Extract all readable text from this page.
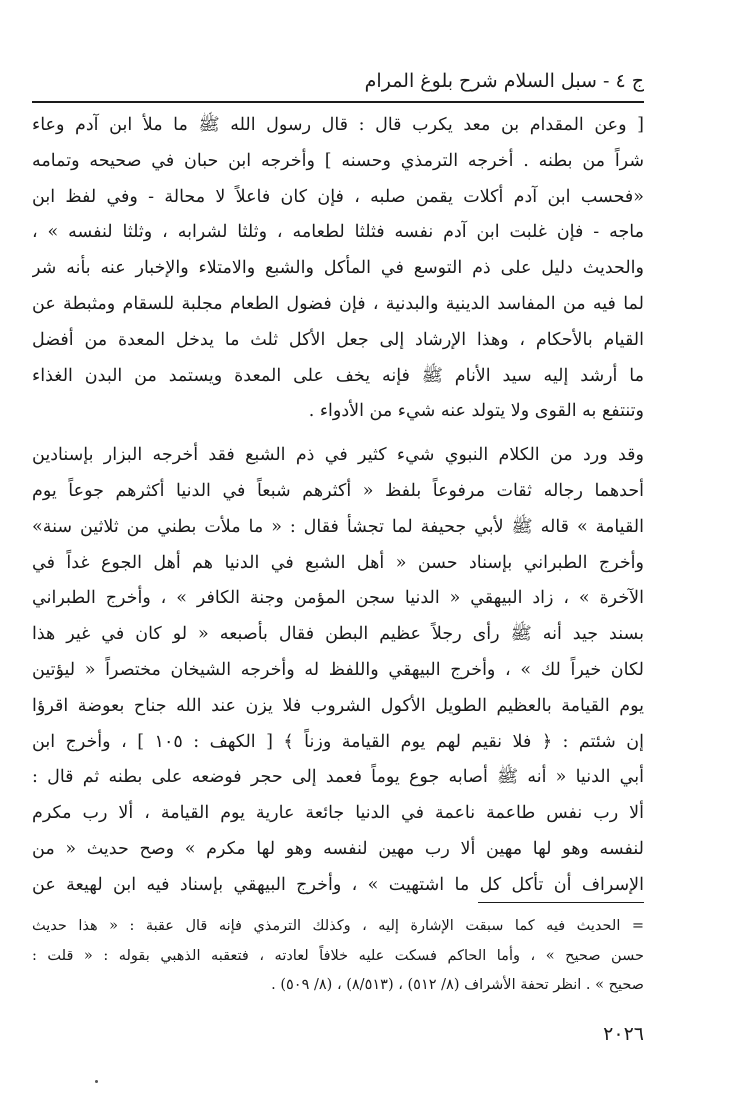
ج ٤ - سبل السلام شرح بلوغ المرام
[ وعن المقدام بن معد يكرب قال : قال رسول الله ﷺ ما ملأ ابن آدم وعاء
شراً من بطنه . أخرجه الترمذي وحسنه ] وأخرجه ابن حبان في صحيحه وتمامه
«فحسب ابن آدم أكلات يقمن صلبه ، فإن كان فاعلاً لا محالة - وفي لفظ ابن
ماجه - فإن غلبت ابن آدم نفسه فثلثا لطعامه ، وثلثا لشرابه ، وثلثا لنفسه » ،
والحديث دليل على ذم التوسع في المأكل والشبع والامتلاء والإخبار عنه بأنه شر
لما فيه من المفاسد الدينية والبدنية ، فإن فضول الطعام مجلبة للسقام ومثبطة عن
القيام بالأحكام ، وهذا الإرشاد إلى جعل الأكل ثلث ما يدخل المعدة من أفضل
ما أرشد إليه سيد الأنام ﷺ فإنه يخف على المعدة ويستمد من البدن الغذاء
وتنتفع به القوى ولا يتولد عنه شيء من الأدواء .
وقد ورد من الكلام النبوي شيء كثير في ذم الشبع فقد أخرجه البزار بإسنادين
أحدهما رجاله ثقات مرفوعاً بلفظ « أكثرهم شبعاً في الدنيا أكثرهم جوعاً يوم
القيامة » قاله ﷺ لأبي جحيفة لما تجشأ فقال : « ما ملأت بطني من ثلاثين سنة»
وأخرج الطبراني بإسناد حسن « أهل الشبع في الدنيا هم أهل الجوع غداً في
الآخرة » ، زاد البيهقي « الدنيا سجن المؤمن وجنة الكافر » ، وأخرج الطبراني
بسند جيد أنه ﷺ رأى رجلاً عظيم البطن فقال بأصبعه « لو كان في غير هذا
لكان خيراً لك » ، وأخرج البيهقي واللفظ له وأخرجه الشيخان مختصراً « ليؤتين
يوم القيامة بالعظيم الطويل الأكول الشروب فلا يزن عند الله جناح بعوضة اقرؤا
إن شئتم : ﴿ فلا نقيم لهم يوم القيامة وزناً ﴾ [ الكهف : ١٠٥ ] ، وأخرج ابن
أبي الدنيا « أنه ﷺ أصابه جوع يوماً فعمد إلى حجر فوضعه على بطنه ثم قال :
ألا رب نفس طاعمة ناعمة في الدنيا جائعة عارية يوم القيامة ، ألا رب مكرم
لنفسه وهو لها مهين ألا رب مهين لنفسه وهو لها مكرم » وصح حديث « من
الإسراف أن تأكل كل ما اشتهيت » ، وأخرج البيهقي بإسناد فيه ابن لهيعة عن
= الحديث فيه كما سبقت الإشارة إليه ، وكذلك الترمذي فإنه قال عقبة : « هذا حديث
حسن صحيح » ، وأما الحاكم فسكت عليه خلافاً لعادته ، فتعقبه الذهبي بقوله : « قلت :
صحيح » . انظر تحفة الأشراف (٨/ ٥١٢) ، (٨/٥١٣) ، (٨/ ٥٠٩) .
٢٠٢٦
